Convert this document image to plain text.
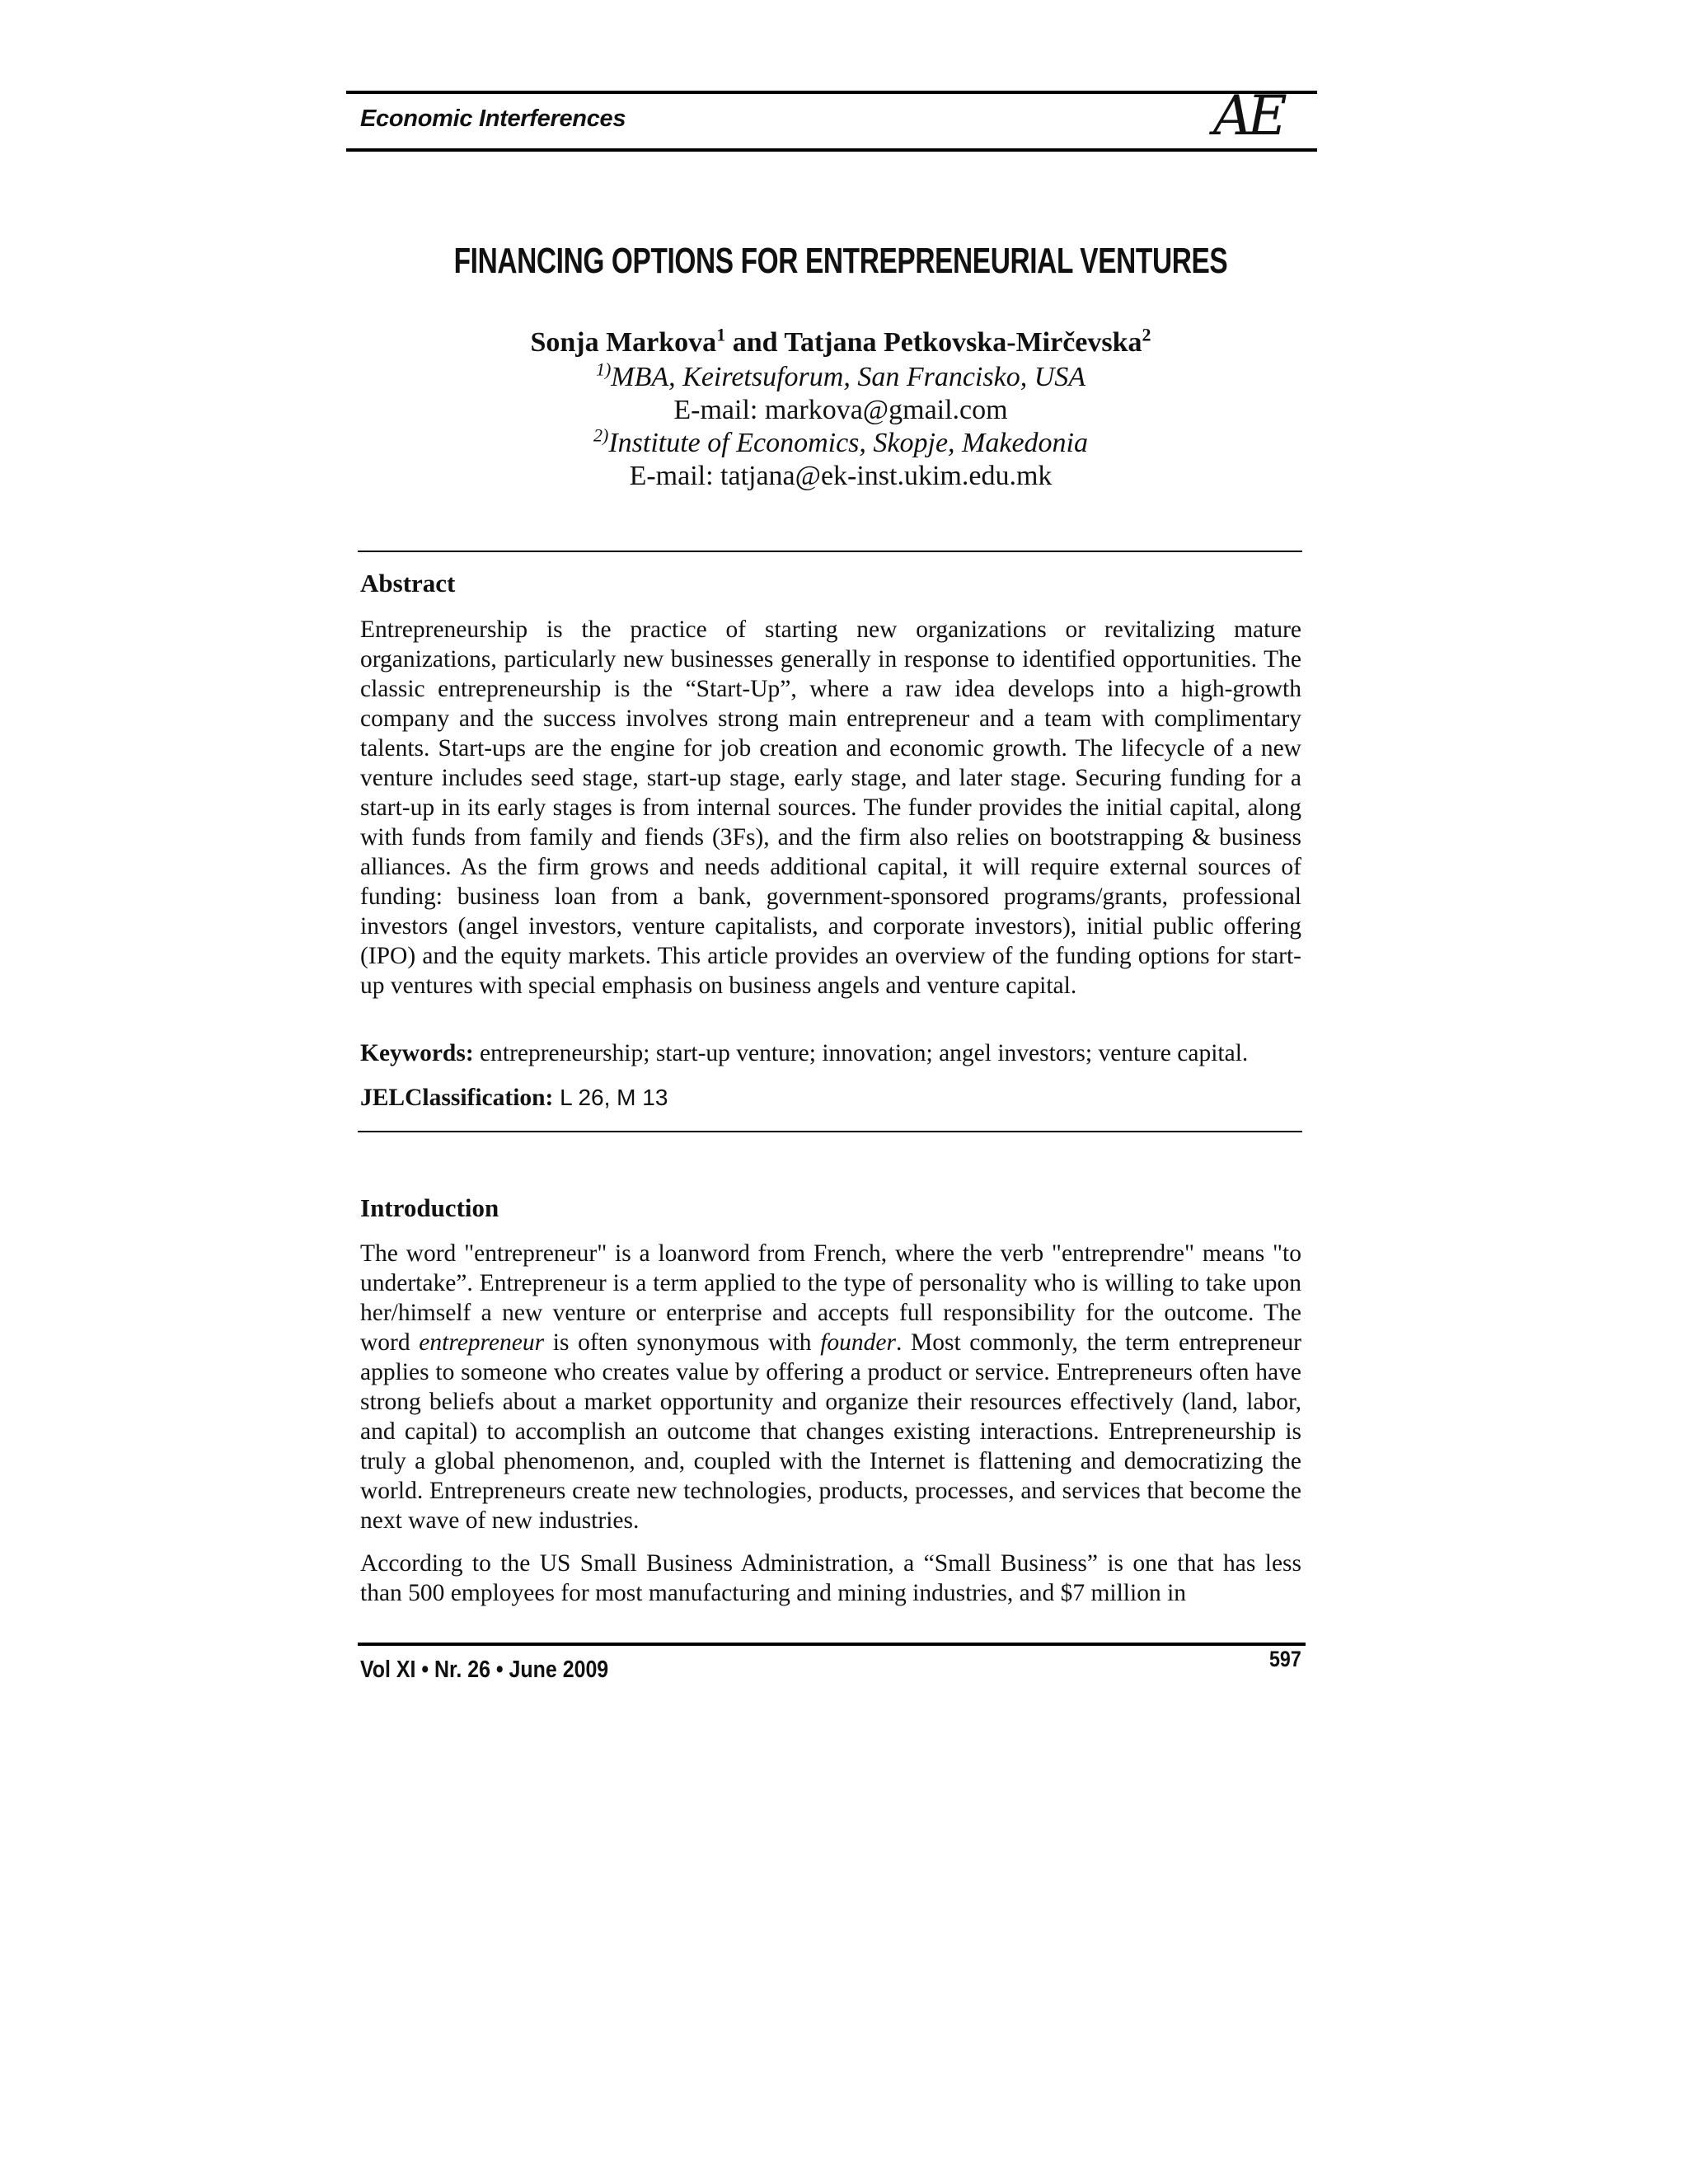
Economic Interferences	AE
FINANCING OPTIONS FOR ENTREPRENEURIAL VENTURES
Sonja Markova$^1$ and Tatjana Petkovska-Mirčevska$^2$
$^{1)}$MBA, Keiretsuforum, San Francisko, USA
E-mail: markova@gmail.com
$^{2)}$Institute of Economics, Skopje, Makedonia
E-mail: tatjana@ek-inst.ukim.edu.mk
Abstract

Entrepreneurship is the practice of starting new organizations or revitalizing mature organizations, particularly new businesses generally in response to identified opportunities. The classic entrepreneurship is the “Start-Up”, where a raw idea develops into a high-growth company and the success involves strong main entrepreneur and a team with complimentary talents. Start-ups are the engine for job creation and economic growth. The lifecycle of a new venture includes seed stage, start-up stage, early stage, and later stage. Securing funding for a start-up in its early stages is from internal sources. The funder provides the initial capital, along with funds from family and fiends (3Fs), and the firm also relies on bootstrapping & business alliances. As the firm grows and needs additional capital, it will require external sources of funding: business loan from a bank, government-sponsored programs/grants, professional investors (angel investors, venture capitalists, and corporate investors), initial public offering (IPO) and the equity markets. This article provides an overview of the funding options for start-up ventures with special emphasis on business angels and venture capital.

Keywords: entrepreneurship; start-up venture; innovation; angel investors; venture capital.
JELClassification: L 26, M 13
Introduction

The word "entrepreneur" is a loanword from French, where the verb "entreprendre" means "to undertake”. Entrepreneur is a term applied to the type of personality who is willing to take upon her/himself a new venture or enterprise and accepts full responsibility for the outcome. The word entrepreneur is often synonymous with founder. Most commonly, the term entrepreneur applies to someone who creates value by offering a product or service. Entrepreneurs often have strong beliefs about a market opportunity and organize their resources effectively (land, labor, and capital) to accomplish an outcome that changes existing interactions. Entrepreneurship is truly a global phenomenon, and, coupled with the Internet is flattening and democratizing the world. Entrepreneurs create new technologies, products, processes, and services that become the next wave of new industries.

According to the US Small Business Administration, a “Small Business” is one that has less than 500 employees for most manufacturing and mining industries, and $7 million in

Vol XI • Nr. 26 • June 2009	597
